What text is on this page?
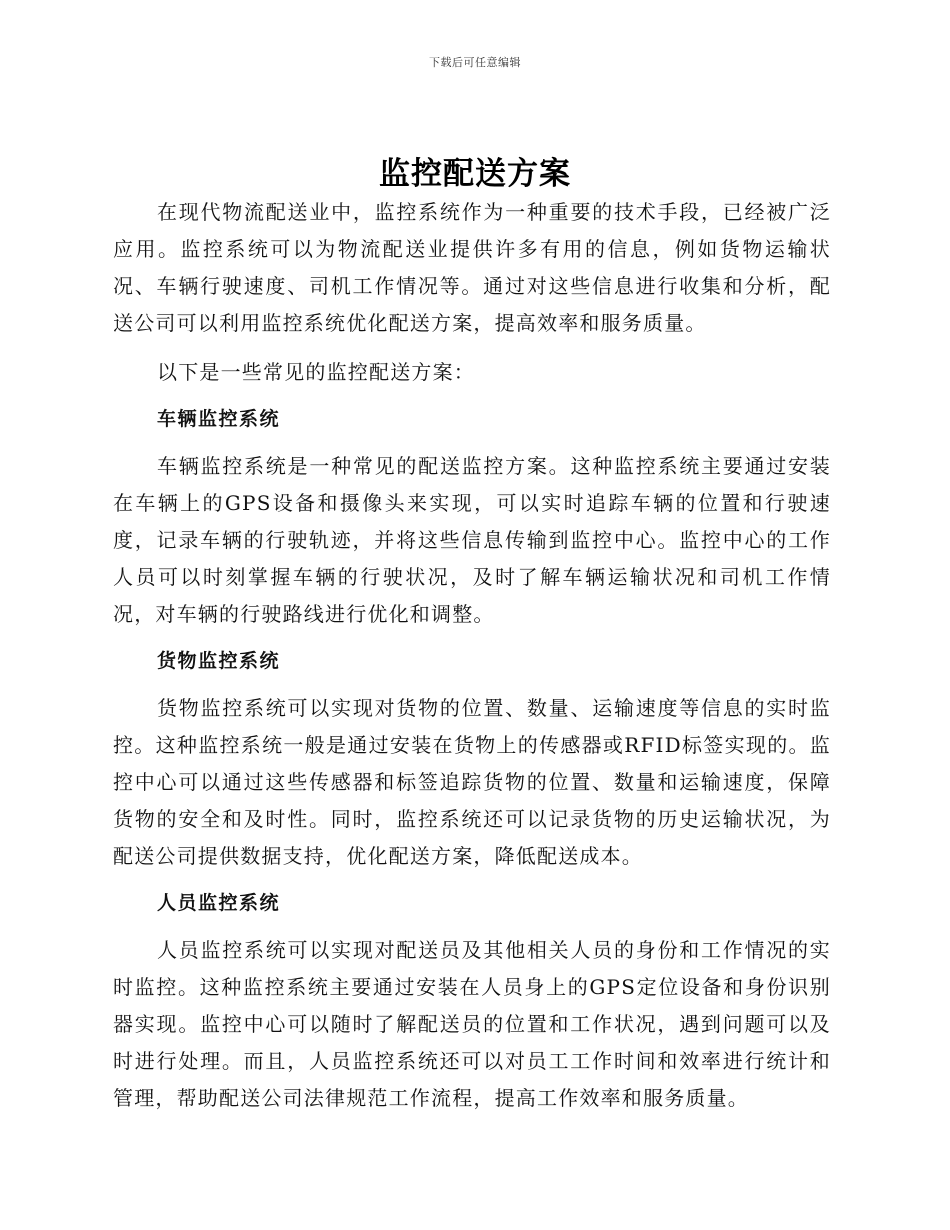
下载后可任意编辑
监控配送方案

在现代物流配送业中，监控系统作为一种重要的技术手段，已经被广泛应用。监控系统可以为物流配送业提供许多有用的信息，例如货物运输状况、车辆行驶速度、司机工作情况等。通过对这些信息进行收集和分析，配送公司可以利用监控系统优化配送方案，提高效率和服务质量。

以下是一些常见的监控配送方案：

车辆监控系统

车辆监控系统是一种常见的配送监控方案。这种监控系统主要通过安装在车辆上的GPS设备和摄像头来实现，可以实时追踪车辆的位置和行驶速度，记录车辆的行驶轨迹，并将这些信息传输到监控中心。监控中心的工作人员可以时刻掌握车辆的行驶状况，及时了解车辆运输状况和司机工作情况，对车辆的行驶路线进行优化和调整。

货物监控系统

货物监控系统可以实现对货物的位置、数量、运输速度等信息的实时监控。这种监控系统一般是通过安装在货物上的传感器或RFID标签实现的。监控中心可以通过这些传感器和标签追踪货物的位置、数量和运输速度，保障货物的安全和及时性。同时，监控系统还可以记录货物的历史运输状况，为配送公司提供数据支持，优化配送方案，降低配送成本。

人员监控系统

人员监控系统可以实现对配送员及其他相关人员的身份和工作情况的实时监控。这种监控系统主要通过安装在人员身上的GPS定位设备和身份识别器实现。监控中心可以随时了解配送员的位置和工作状况，遇到问题可以及时进行处理。而且，人员监控系统还可以对员工工作时间和效率进行统计和管理，帮助配送公司法律规范工作流程，提高工作效率和服务质量。
